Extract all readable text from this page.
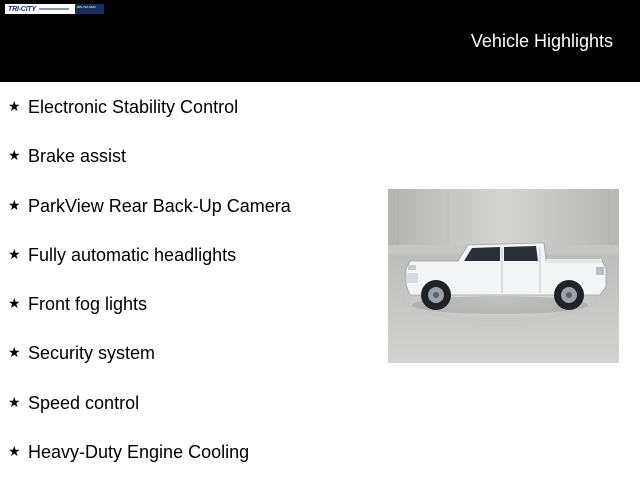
TRI-CITY	905-792-9482
Vehicle Highlights
★ Electronic Stability Control
★ Brake assist
★ ParkView Rear Back-Up Camera
★ Fully automatic headlights
★ Front fog lights
★ Security system
★ Speed control
★ Heavy-Duty Engine Cooling
